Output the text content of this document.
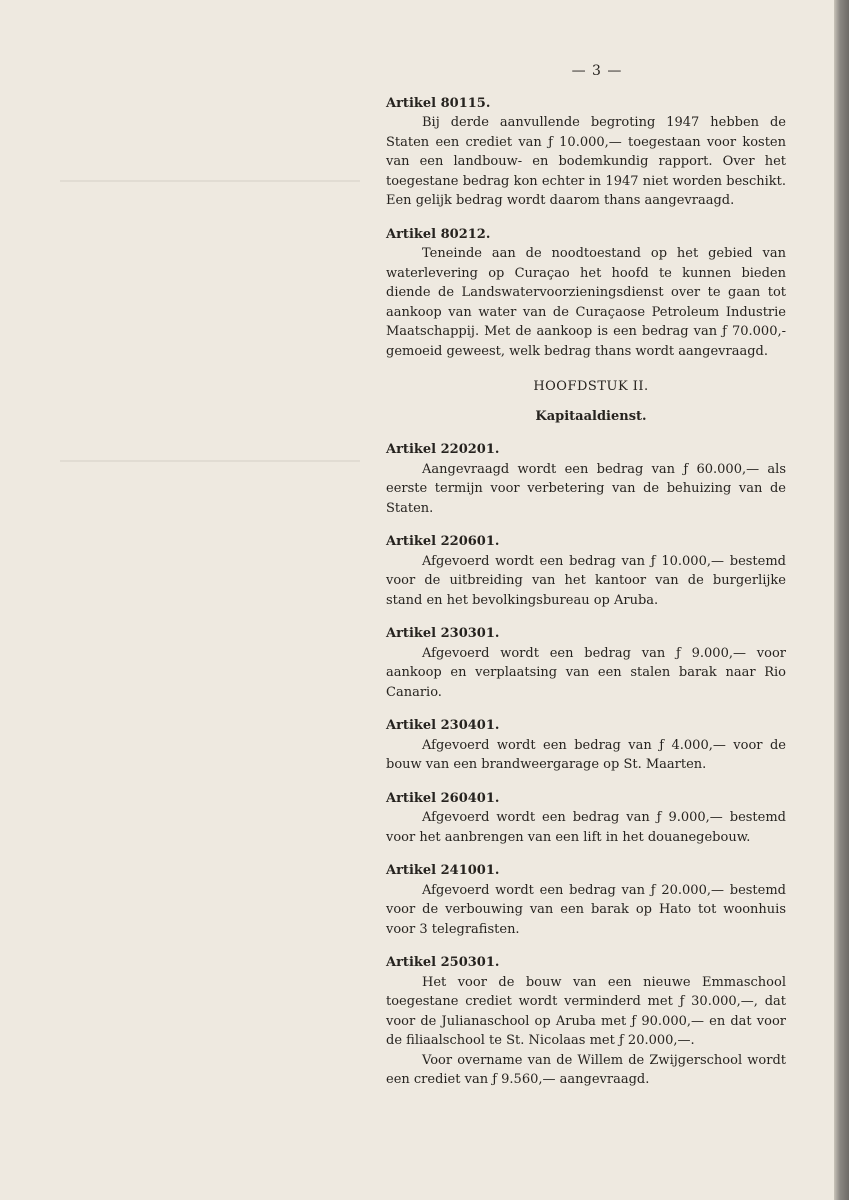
— 3 —

Artikel 80115.

Bij derde aanvullende begroting 1947 hebben de Staten een crediet van ƒ 10.000,— toegestaan voor kosten van een landbouw- en bodemkundig rapport. Over het toegestane bedrag kon echter in 1947 niet worden beschikt. Een gelijk bedrag wordt daarom thans aangevraagd.

Artikel 80212.

Teneinde aan de noodtoestand op het gebied van waterlevering op Curaçao het hoofd te kunnen bieden diende de Landswatervoorzieningsdienst over te gaan tot aankoop van water van de Curaçaose Petroleum Industrie Maatschappij. Met de aankoop is een bedrag van ƒ 70.000,- gemoeid geweest, welk bedrag thans wordt aangevraagd.

HOOFDSTUK II.

Kapitaaldienst.

Artikel 220201.

Aangevraagd wordt een bedrag van ƒ 60.000,— als eerste termijn voor verbetering van de behuizing van de Staten.

Artikel 220601.

Afgevoerd wordt een bedrag van ƒ 10.000,— bestemd voor de uitbreiding van het kantoor van de burgerlijke stand en het bevolkingsbureau op Aruba.

Artikel 230301.

Afgevoerd wordt een bedrag van ƒ 9.000,— voor aankoop en verplaatsing van een stalen barak naar Rio Canario.

Artikel 230401.

Afgevoerd wordt een bedrag van ƒ 4.000,— voor de bouw van een brandweergarage op St. Maarten.

Artikel 260401.

Afgevoerd wordt een bedrag van ƒ 9.000,— bestemd voor het aanbrengen van een lift in het douanegebouw.

Artikel 241001.

Afgevoerd wordt een bedrag van ƒ 20.000,— bestemd voor de verbouwing van een barak op Hato tot woonhuis voor 3 telegrafisten.

Artikel 250301.

Het voor de bouw van een nieuwe Emmaschool toegestane crediet wordt verminderd met ƒ 30.000,—, dat voor de Julianaschool op Aruba met ƒ 90.000,— en dat voor de filiaalschool te St. Nicolaas met ƒ 20.000,—.

Voor overname van de Willem de Zwijgerschool wordt een crediet van ƒ 9.560,— aangevraagd.
